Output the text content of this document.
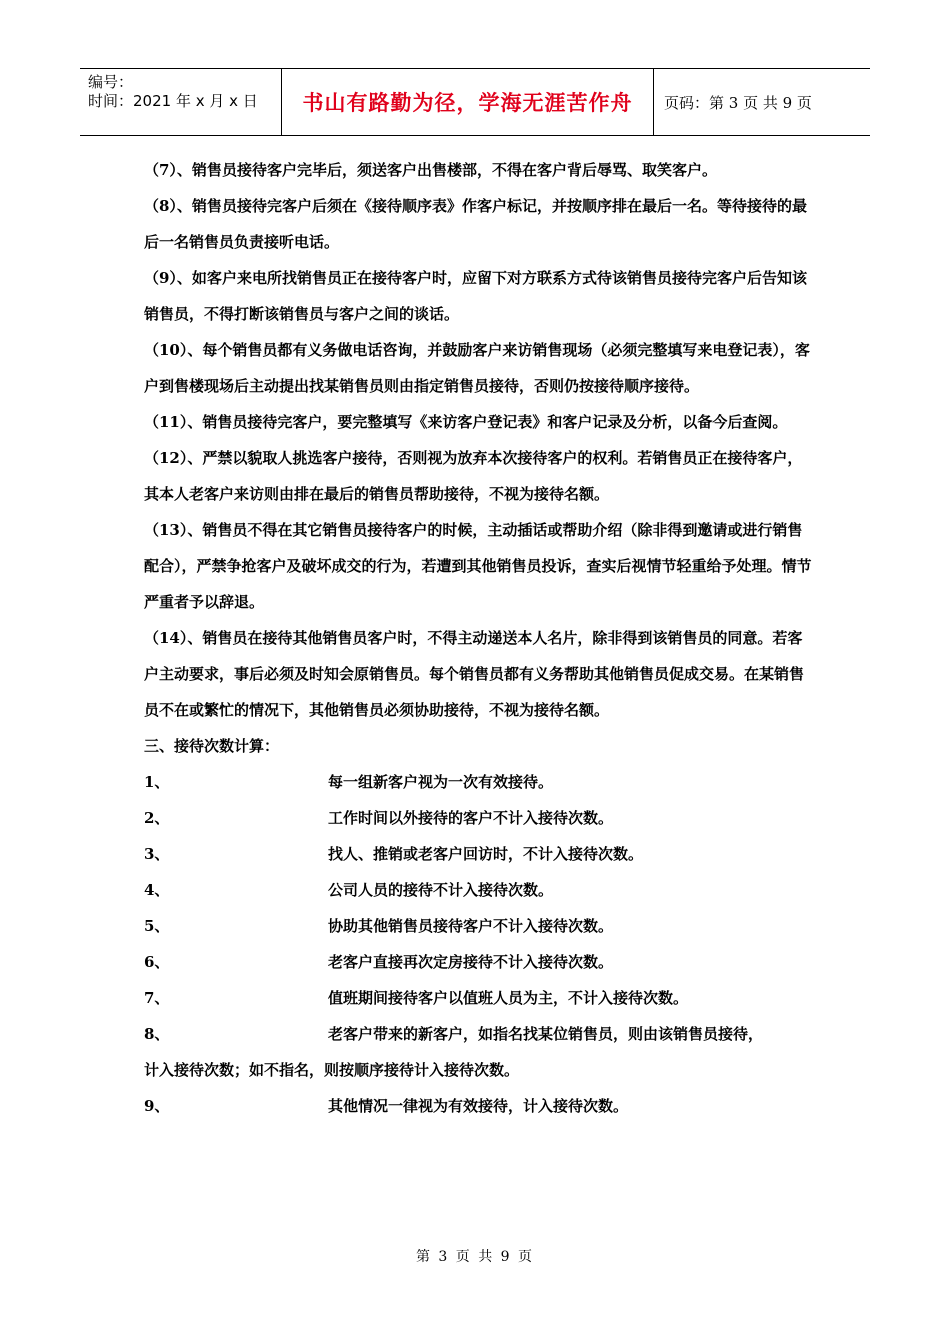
编号：
时间：2021 年 x 月 x 日	书山有路勤为径，学海无涯苦作舟	页码：第 3 页 共 9 页

（7）、销售员接待客户完毕后，须送客户出售楼部，不得在客户背后辱骂、取笑客户。

（8）、销售员接待完客户后须在《接待顺序表》作客户标记，并按顺序排在最后一名。等待接待的最后一名销售员负责接听电话。

（9）、如客户来电所找销售员正在接待客户时，应留下对方联系方式待该销售员接待完客户后告知该销售员，不得打断该销售员与客户之间的谈话。

（10）、每个销售员都有义务做电话咨询，并鼓励客户来访销售现场（必须完整填写来电登记表），客户到售楼现场后主动提出找某销售员则由指定销售员接待，否则仍按接待顺序接待。

（11）、销售员接待完客户，要完整填写《来访客户登记表》和客户记录及分析，以备今后查阅。

（12）、严禁以貌取人挑选客户接待，否则视为放弃本次接待客户的权利。若销售员正在接待客户，其本人老客户来访则由排在最后的销售员帮助接待，不视为接待名额。

（13）、销售员不得在其它销售员接待客户的时候，主动插话或帮助介绍（除非得到邀请或进行销售配合），严禁争抢客户及破坏成交的行为，若遭到其他销售员投诉，查实后视情节轻重给予处理。情节严重者予以辞退。

（14）、销售员在接待其他销售员客户时，不得主动递送本人名片，除非得到该销售员的同意。若客户主动要求，事后必须及时知会原销售员。每个销售员都有义务帮助其他销售员促成交易。在某销售员不在或繁忙的情况下，其他销售员必须协助接待，不视为接待名额。

三、接待次数计算：

1、	每一组新客户视为一次有效接待。
2、	工作时间以外接待的客户不计入接待次数。
3、	找人、推销或老客户回访时，不计入接待次数。
4、	公司人员的接待不计入接待次数。
5、	协助其他销售员接待客户不计入接待次数。
6、	老客户直接再次定房接待不计入接待次数。
7、	值班期间接待客户以值班人员为主，不计入接待次数。
8、	老客户带来的新客户，如指名找某位销售员，则由该销售员接待，

计入接待次数；如不指名，则按顺序接待计入接待次数。

9、	其他情况一律视为有效接待，计入接待次数。
第 3 页 共 9 页
